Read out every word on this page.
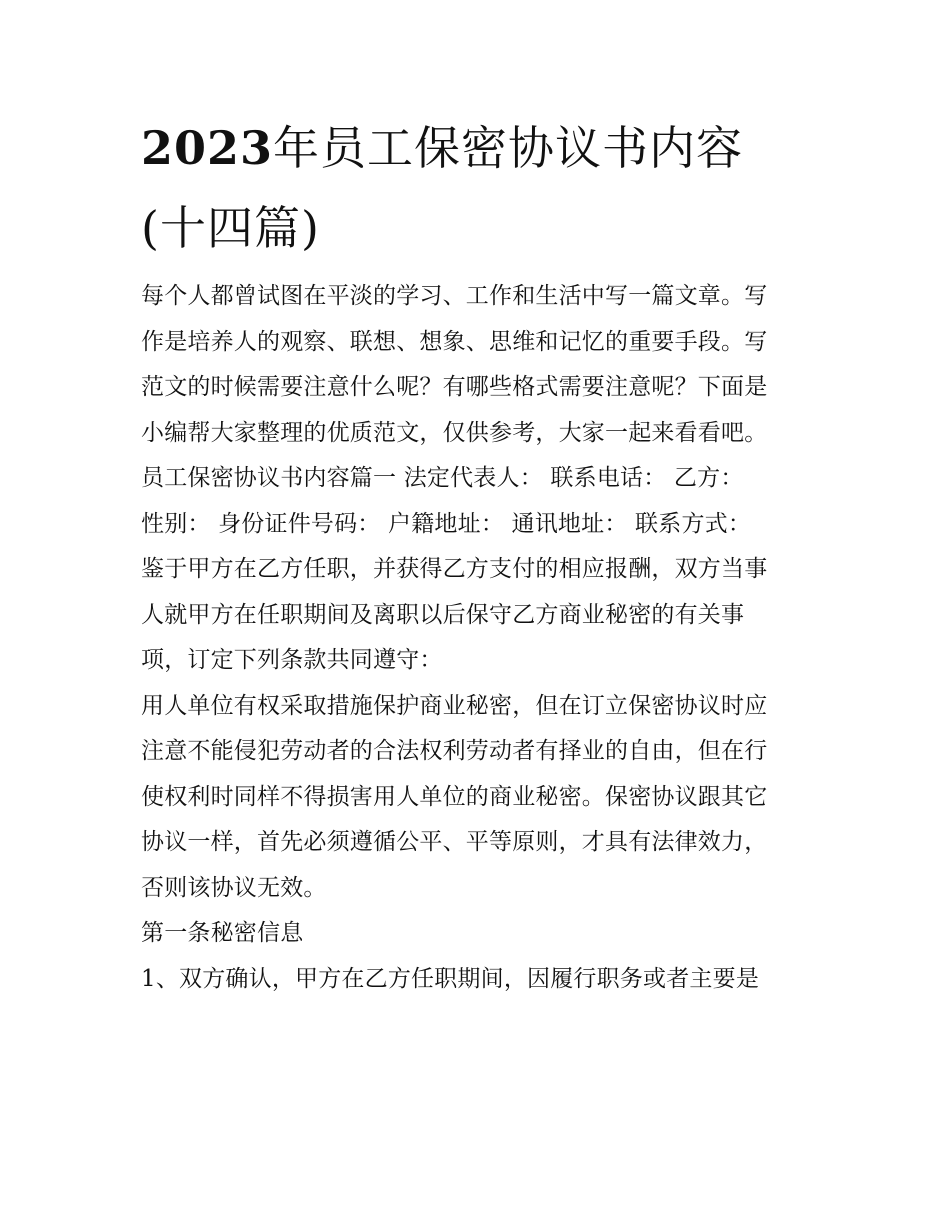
2023年员工保密协议书内容
(十四篇)
每个人都曾试图在平淡的学习、工作和生活中写一篇文章。写
作是培养人的观察、联想、想象、思维和记忆的重要手段。写
范文的时候需要注意什么呢？有哪些格式需要注意呢？下面是
小编帮大家整理的优质范文，仅供参考，大家一起来看看吧。
员工保密协议书内容篇一 法定代表人： 联系电话： 乙方：
性别： 身份证件号码： 户籍地址： 通讯地址： 联系方式：
鉴于甲方在乙方任职，并获得乙方支付的相应报酬，双方当事
人就甲方在任职期间及离职以后保守乙方商业秘密的有关事
项，订定下列条款共同遵守：
用人单位有权采取措施保护商业秘密，但在订立保密协议时应
注意不能侵犯劳动者的合法权利劳动者有择业的自由，但在行
使权利时同样不得损害用人单位的商业秘密。保密协议跟其它
协议一样，首先必须遵循公平、平等原则，才具有法律效力，
否则该协议无效。
第一条秘密信息
1、双方确认，甲方在乙方任职期间，因履行职务或者主要是
